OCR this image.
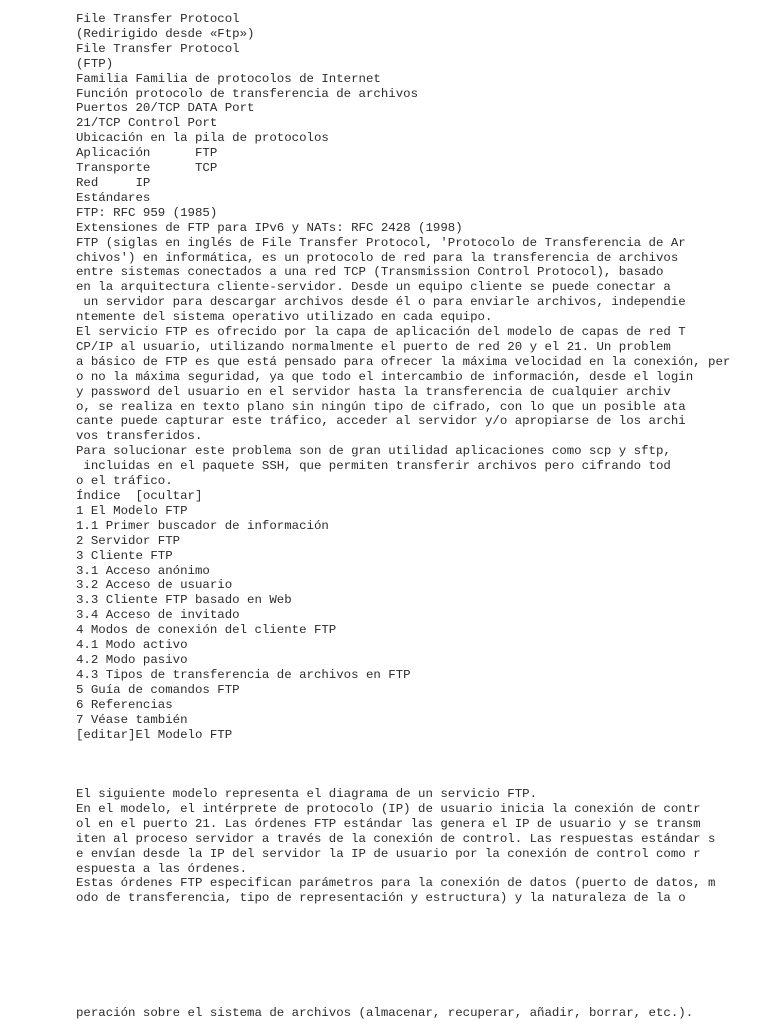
File Transfer Protocol
(Redirigido desde «Ftp»)
File Transfer Protocol
(FTP)
Familia Familia de protocolos de Internet
Función protocolo de transferencia de archivos
Puertos 20/TCP DATA Port
21/TCP Control Port
Ubicación en la pila de protocolos
Aplicación      FTP
Transporte      TCP
Red     IP
Estándares
FTP: RFC 959 (1985)
Extensiones de FTP para IPv6 y NATs: RFC 2428 (1998)
FTP (siglas en inglés de File Transfer Protocol, 'Protocolo de Transferencia de Ar
chivos') en informática, es un protocolo de red para la transferencia de archivos
entre sistemas conectados a una red TCP (Transmission Control Protocol), basado
en la arquitectura cliente-servidor. Desde un equipo cliente se puede conectar a
un servidor para descargar archivos desde él o para enviarle archivos, independie
ntemente del sistema operativo utilizado en cada equipo.
El servicio FTP es ofrecido por la capa de aplicación del modelo de capas de red T
CP/IP al usuario, utilizando normalmente el puerto de red 20 y el 21. Un problem
a básico de FTP es que está pensado para ofrecer la máxima velocidad en la conexión, per
o no la máxima seguridad, ya que todo el intercambio de información, desde el login
y password del usuario en el servidor hasta la transferencia de cualquier archiv
o, se realiza en texto plano sin ningún tipo de cifrado, con lo que un posible ata
cante puede capturar este tráfico, acceder al servidor y/o apropiarse de los archi
vos transferidos.
Para solucionar este problema son de gran utilidad aplicaciones como scp y sftp,
incluidas en el paquete SSH, que permiten transferir archivos pero cifrando tod
o el tráfico.
Índice  [ocultar]
1 El Modelo FTP
1.1 Primer buscador de información
2 Servidor FTP
3 Cliente FTP
3.1 Acceso anónimo
3.2 Acceso de usuario
3.3 Cliente FTP basado en Web
3.4 Acceso de invitado
4 Modos de conexión del cliente FTP
4.1 Modo activo
4.2 Modo pasivo
4.3 Tipos de transferencia de archivos en FTP
5 Guía de comandos FTP
6 Referencias
7 Véase también
[editar]El Modelo FTP
El siguiente modelo representa el diagrama de un servicio FTP.
En el modelo, el intérprete de protocolo (IP) de usuario inicia la conexión de contr
ol en el puerto 21. Las órdenes FTP estándar las genera el IP de usuario y se transm
iten al proceso servidor a través de la conexión de control. Las respuestas estándar s
e envían desde la IP del servidor la IP de usuario por la conexión de control como r
espuesta a las órdenes.
Estas órdenes FTP especifican parámetros para la conexión de datos (puerto de datos, m
odo de transferencia, tipo de representación y estructura) y la naturaleza de la o
peración sobre el sistema de archivos (almacenar, recuperar, añadir, borrar, etc.).
